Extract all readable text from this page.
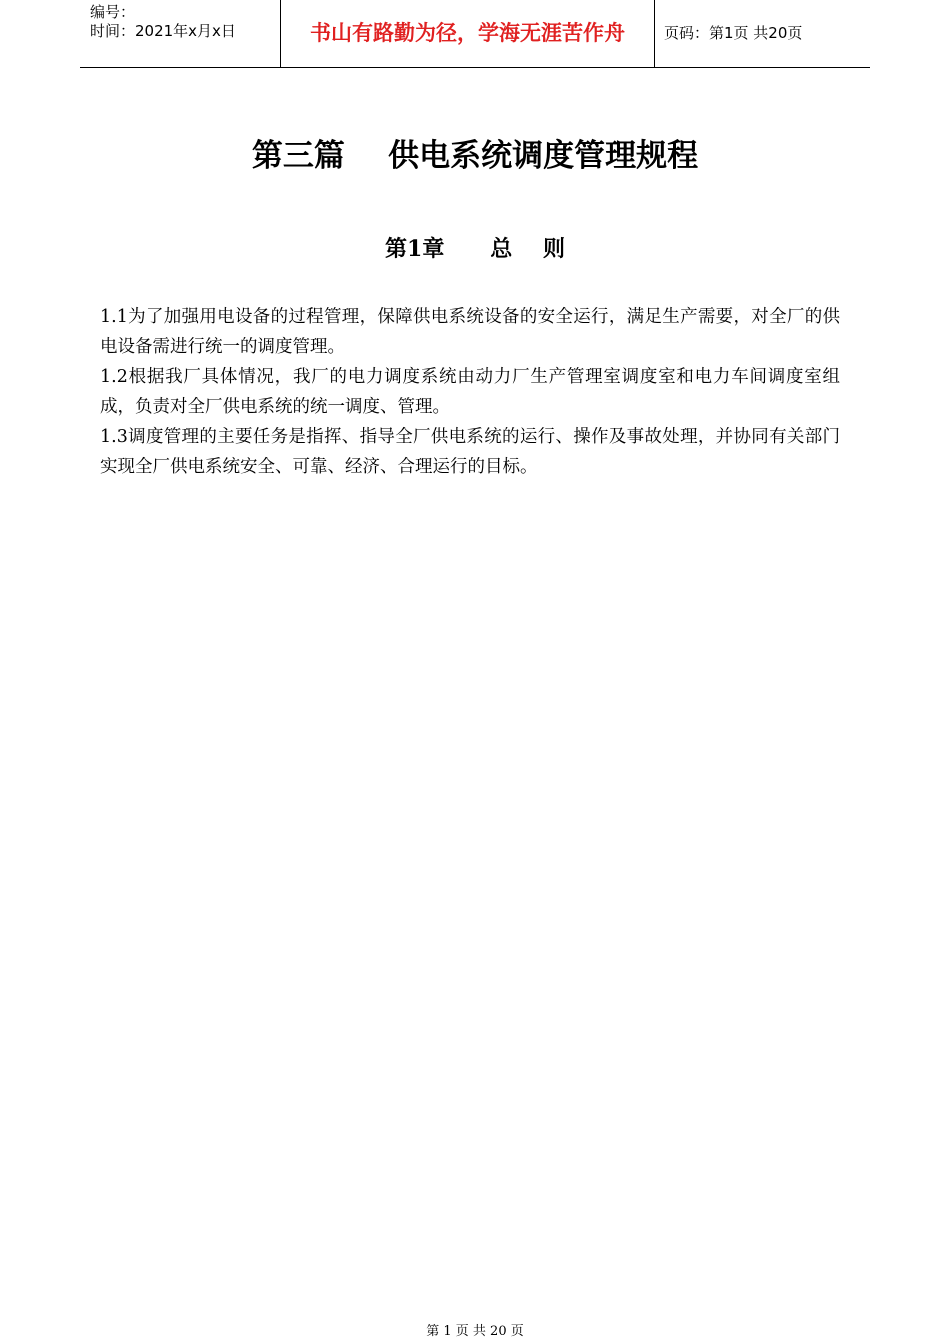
编号：
时间：2021年x月x日	书山有路勤为径，学海无涯苦作舟	页码：第1页 共20页
第三篇    供电系统调度管理规程
第1章      总    则

1.1为了加强用电设备的过程管理，保障供电系统设备的安全运行，满足生产需要，对全厂的供电设备需进行统一的调度管理。

1.2根据我厂具体情况，我厂的电力调度系统由动力厂生产管理室调度室和电力车间调度室组成，负责对全厂供电系统的统一调度、管理。

1.3调度管理的主要任务是指挥、指导全厂供电系统的运行、操作及事故处理，并协同有关部门实现全厂供电系统安全、可靠、经济、合理运行的目标。

第 1 页 共 20 页
